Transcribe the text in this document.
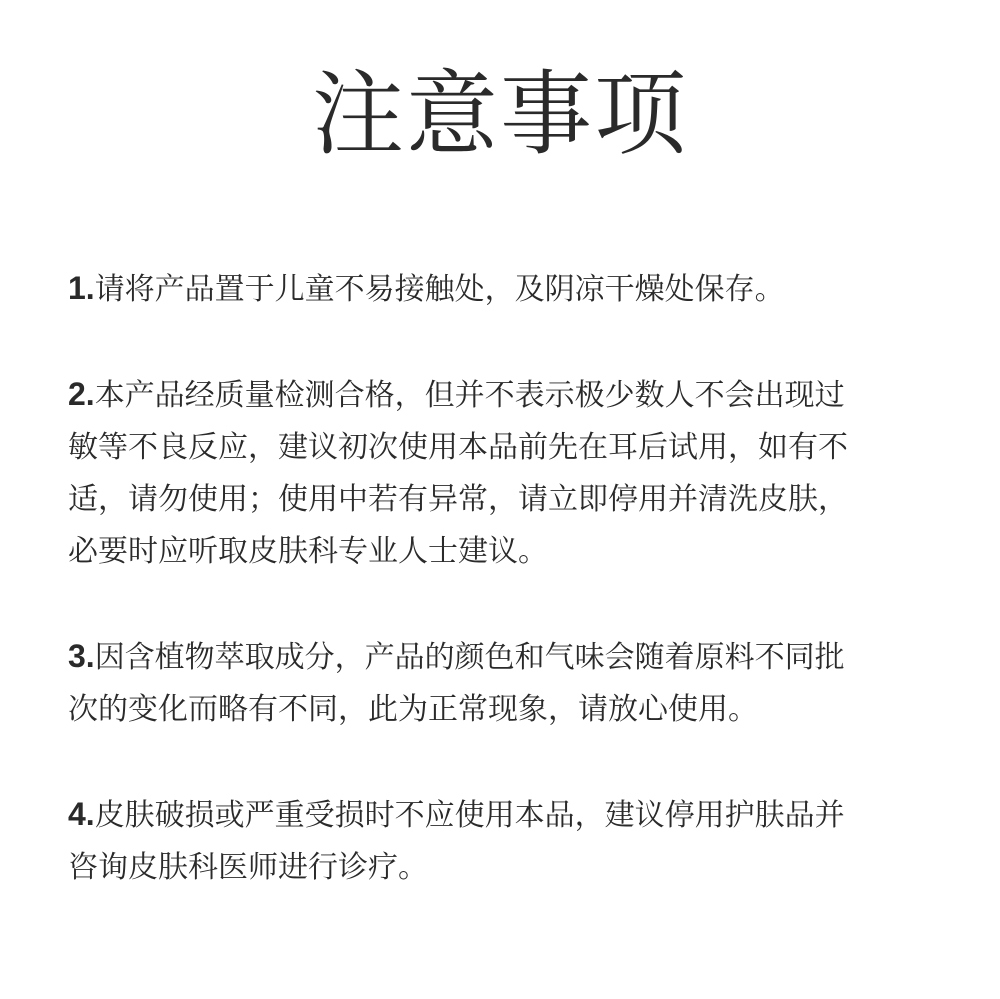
注意事项
1.请将产品置于儿童不易接触处，及阴凉干燥处保存。
2.本产品经质量检测合格，但并不表示极少数人不会出现过
敏等不良反应，建议初次使用本品前先在耳后试用，如有不
适，请勿使用；使用中若有异常，请立即停用并清洗皮肤，
必要时应听取皮肤科专业人士建议。
3.因含植物萃取成分，产品的颜色和气味会随着原料不同批
次的变化而略有不同，此为正常现象，请放心使用。
4.皮肤破损或严重受损时不应使用本品，建议停用护肤品并
咨询皮肤科医师进行诊疗。
